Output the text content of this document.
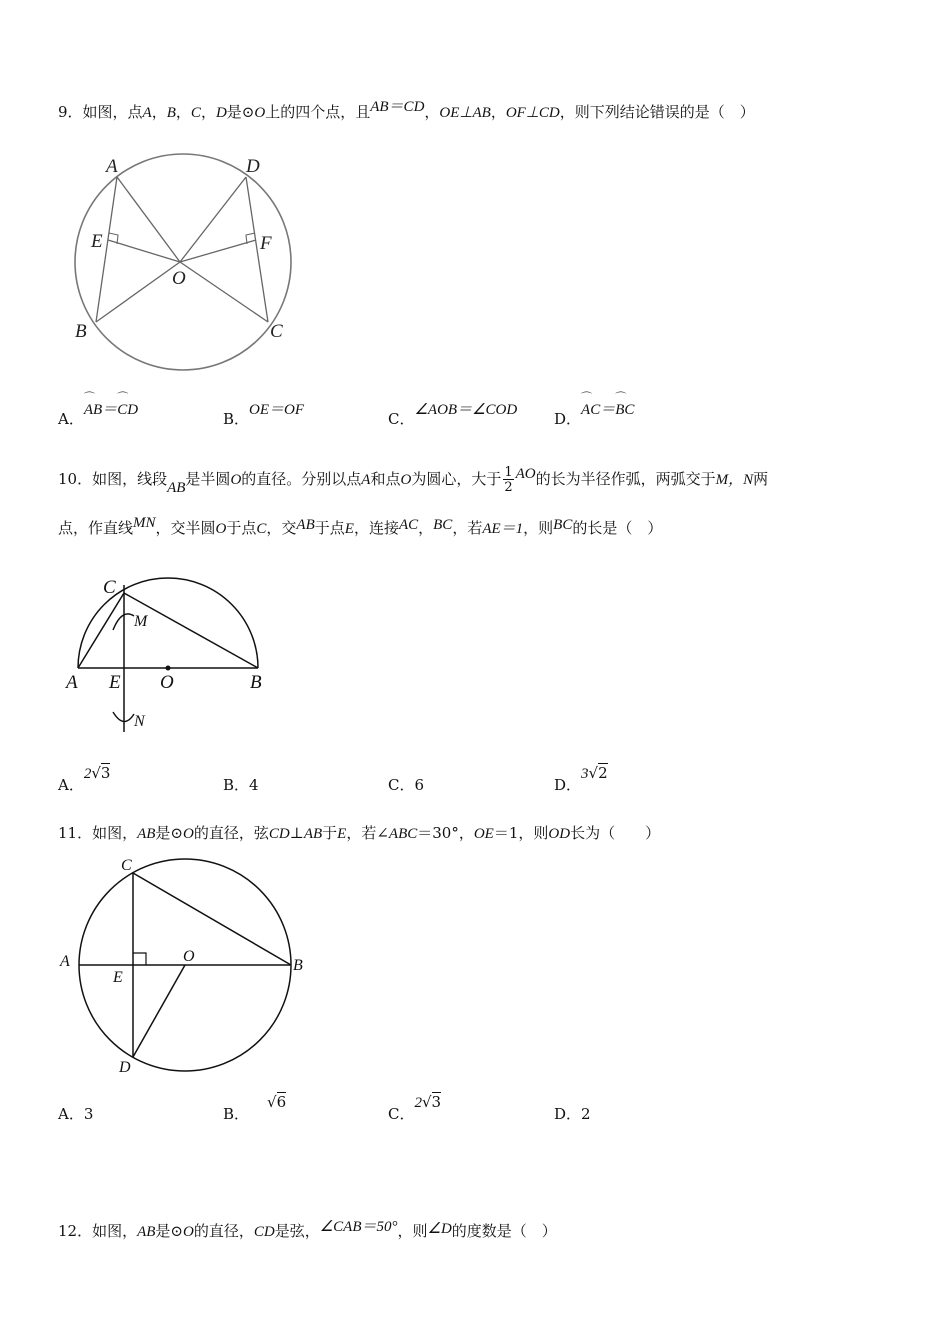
9．如图，点A，B，C，D是⊙O上的四个点，且AB＝CD，OE⊥AB，OF⊥CD，则下列结论错误的是（　）
A	D
E	F
O
B	C
A．⌒ AB＝⌒ CD	B．OE＝OF	C．∠AOB＝∠COD D．⌒ AC＝⌒ BC
10．如图，线段AB是半圆O的直径。分别以点A和点O为圆心，大于 $\frac{1}{2}$ AO的长为半径作弧，两弧交于M，N两
点，作直线MN，交半圆O于点C，交AB于点E，连接AC，BC，若AE＝1，则BC的长是（　）
C
M
A E O	B
N
A．2√3
B．4	C．6	D．3√2
11．如图，AB是⊙O的直径，弦CD⊥AB于E，若∠ABC＝30°，OE＝1，则OD长为（　　）
C
A	O
B
E
D
A．3	B．√6
C．2√3
D．2
12．如图，AB是⊙O的直径，CD是弦，∠CAB＝50°，则∠D的度数是（　）
